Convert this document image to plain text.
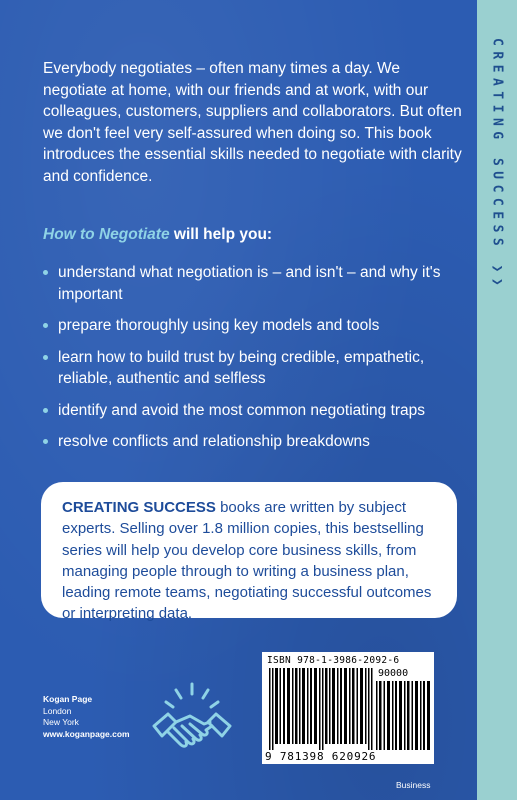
CREATING SUCCESS ❯❯
Everybody negotiates – often many times a day. We negotiate at home, with our friends and at work, with our colleagues, customers, suppliers and collaborators. But often we don't feel very self-assured when doing so. This book introduces the essential skills needed to negotiate with clarity and confidence.
How to Negotiate will help you:
understand what negotiation is – and isn't – and why it's important
prepare thoroughly using key models and tools
learn how to build trust by being credible, empathetic, reliable, authentic and selfless
identify and avoid the most common negotiating traps
resolve conflicts and relationship breakdowns
CREATING SUCCESS books are written by subject experts. Selling over 1.8 million copies, this bestselling series will help you develop core business skills, from managing people through to writing a business plan, leading remote teams, negotiating successful outcomes or interpreting data.
Kogan Page
London
New York
www.koganpage.com
ISBN 978-1-3986-2092-6
90000
9 781398 620926
Business
